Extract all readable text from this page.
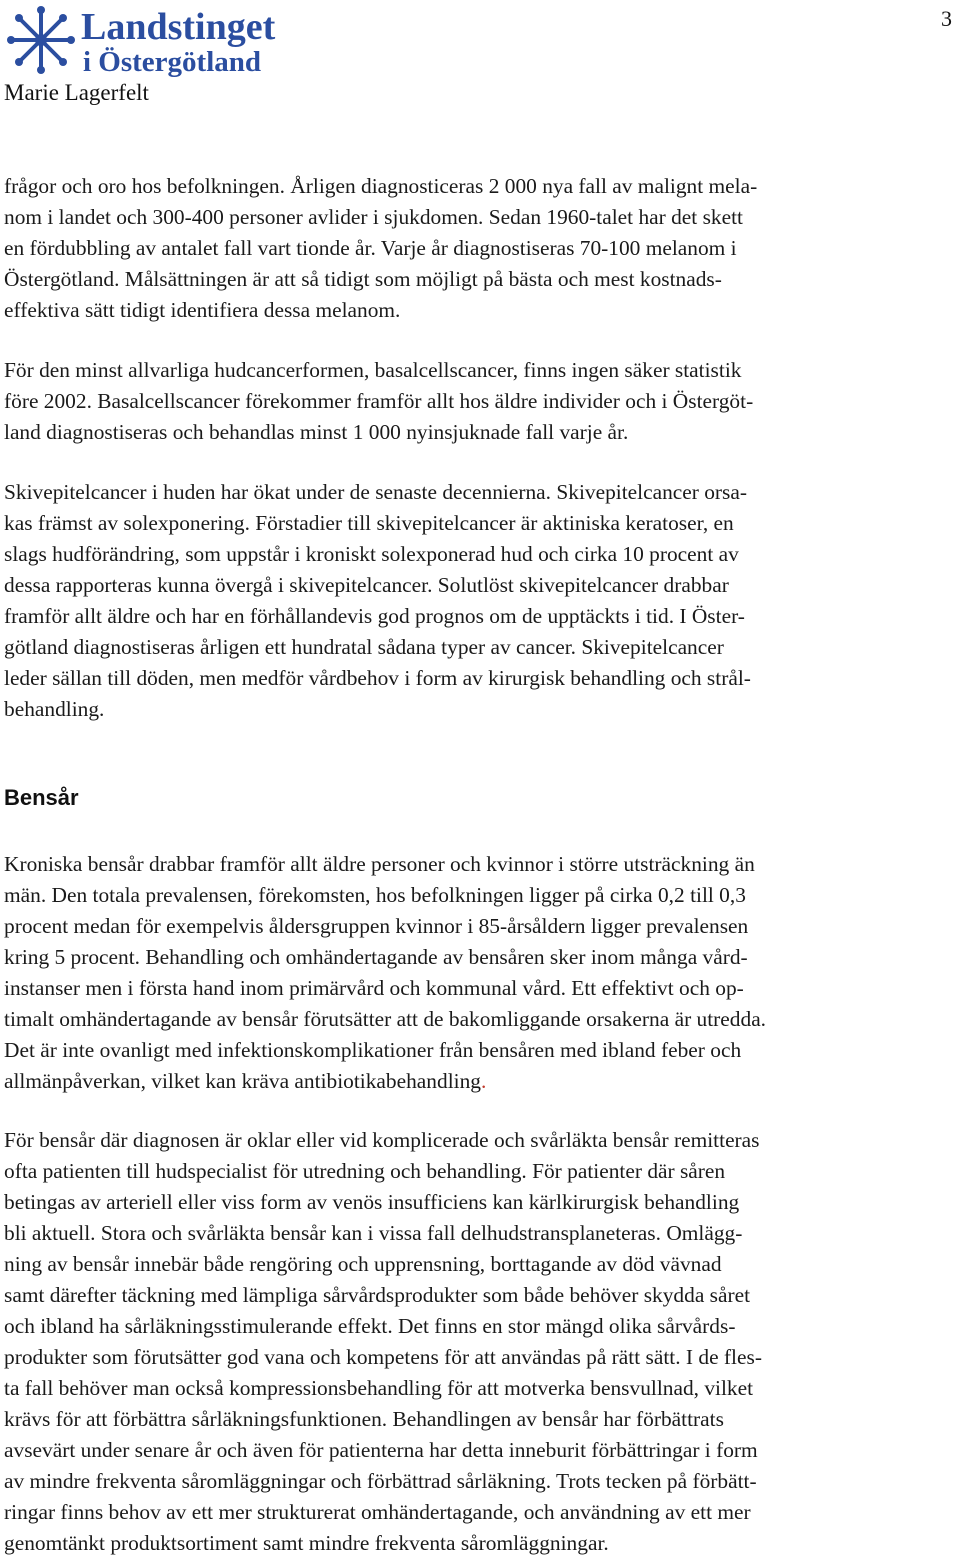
Landstinget
i Östergötland
Marie Lagerfelt
3

frågor och oro hos befolkningen. Årligen diagnosticeras 2 000 nya fall av malignt mela-
nom i landet och 300-400 personer avlider i sjukdomen. Sedan 1960-talet har det skett
en fördubbling av antalet fall vart tionde år. Varje år diagnostiseras 70-100 melanom i
Östergötland. Målsättningen är att så tidigt som möjligt på bästa och mest kostnads-
effektiva sätt tidigt identifiera dessa melanom.

För den minst allvarliga hudcancerformen, basalcellscancer, finns ingen säker statistik
före 2002. Basalcellscancer förekommer framför allt hos äldre individer och i Östergöt-
land diagnostiseras och behandlas minst 1 000 nyinsjuknade fall varje år.

Skivepitelcancer i huden har ökat under de senaste decennierna. Skivepitelcancer orsa-
kas främst av solexponering. Förstadier till skivepitelcancer är aktiniska keratoser, en
slags hudförändring, som uppstår i kroniskt solexponerad hud och cirka 10 procent av
dessa rapporteras kunna övergå i skivepitelcancer. Solutlöst skivepitelcancer drabbar
framför allt äldre och har en förhållandevis god prognos om de upptäckts i tid. I Öster-
götland diagnostiseras årligen ett hundratal sådana typer av cancer. Skivepitelcancer
leder sällan till döden, men medför vårdbehov i form av kirurgisk behandling och strål-
behandling.

Bensår

Kroniska bensår drabbar framför allt äldre personer och kvinnor i större utsträckning än
män. Den totala prevalensen, förekomsten, hos befolkningen ligger på cirka 0,2 till 0,3
procent medan för exempelvis åldersgruppen kvinnor i 85-årsåldern ligger prevalensen
kring 5 procent. Behandling och omhändertagande av bensåren sker inom många vård-
instanser men i första hand inom primärvård och kommunal vård. Ett effektivt och op-
timalt omhändertagande av bensår förutsätter att de bakomliggande orsakerna är utredda.
Det är inte ovanligt med infektionskomplikationer från bensåren med ibland feber och
allmänpåverkan, vilket kan kräva antibiotikabehandling.

För bensår där diagnosen är oklar eller vid komplicerade och svårläkta bensår remitteras
ofta patienten till hudspecialist för utredning och behandling. För patienter där såren
betingas av arteriell eller viss form av venös insufficiens kan kärlkirurgisk behandling
bli aktuell. Stora och svårläkta bensår kan i vissa fall delhudstransplaneteras. Omlägg-
ning av bensår innebär både rengöring och upprensning, borttagande av död vävnad
samt därefter täckning med lämpliga sårvårdsprodukter som både behöver skydda såret
och ibland ha sårläkningsstimulerande effekt. Det finns en stor mängd olika sårvårds-
produkter som förutsätter god vana och kompetens för att användas på rätt sätt. I de fles-
ta fall behöver man också kompressionsbehandling för att motverka bensvullnad, vilket
krävs för att förbättra sårläkningsfunktionen. Behandlingen av bensår har förbättrats
avsevärt under senare år och även för patienterna har detta inneburit förbättringar i form
av mindre frekventa såromläggningar och förbättrad sårläkning. Trots tecken på förbätt-
ringar finns behov av ett mer strukturerat omhändertagande, och användning av ett mer
genomtänkt produktsortiment samt mindre frekventa såromläggningar.
